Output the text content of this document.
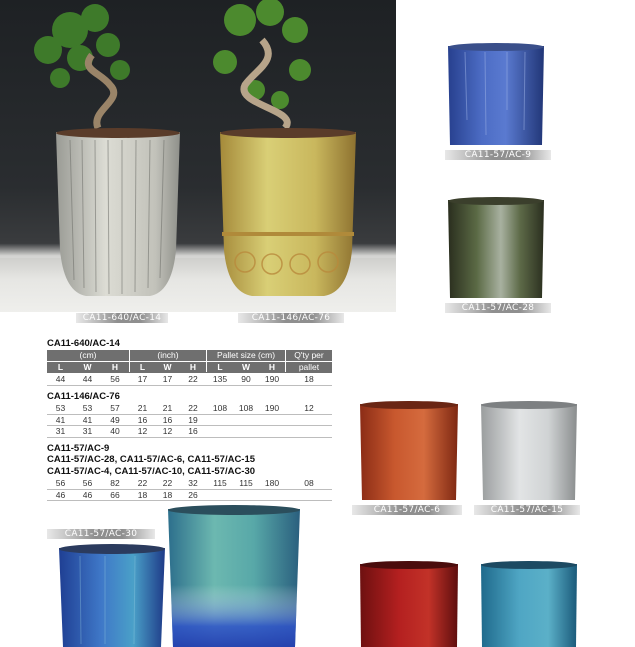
CA11-640/AC-14	CA11-146/AC-76
CA11-57/AC-9
CA11-57/AC-28
CA11-640/AC-14
(cm)	(inch)	Pallet size (cm)	Q'ty per
L	W	H	L	W	H	L	W	H	pallet
44	44	56	17	17	22	135	90	190	18
CA11-146/AC-76
53	53	57	21	21	22	108	108	190	12
41	41	49	16	16	19
31	31	40	12	12	16
CA11-57/AC-9
CA11-57/AC-28, CA11-57/AC-6, CA11-57/AC-15
CA11-57/AC-4, CA11-57/AC-10, CA11-57/AC-30
56	56	82	22	22	32	115	115	180	08
46	46	66	18	18	26
CA11-57/AC-30
CA11-57/AC-6	CA11-57/AC-15
